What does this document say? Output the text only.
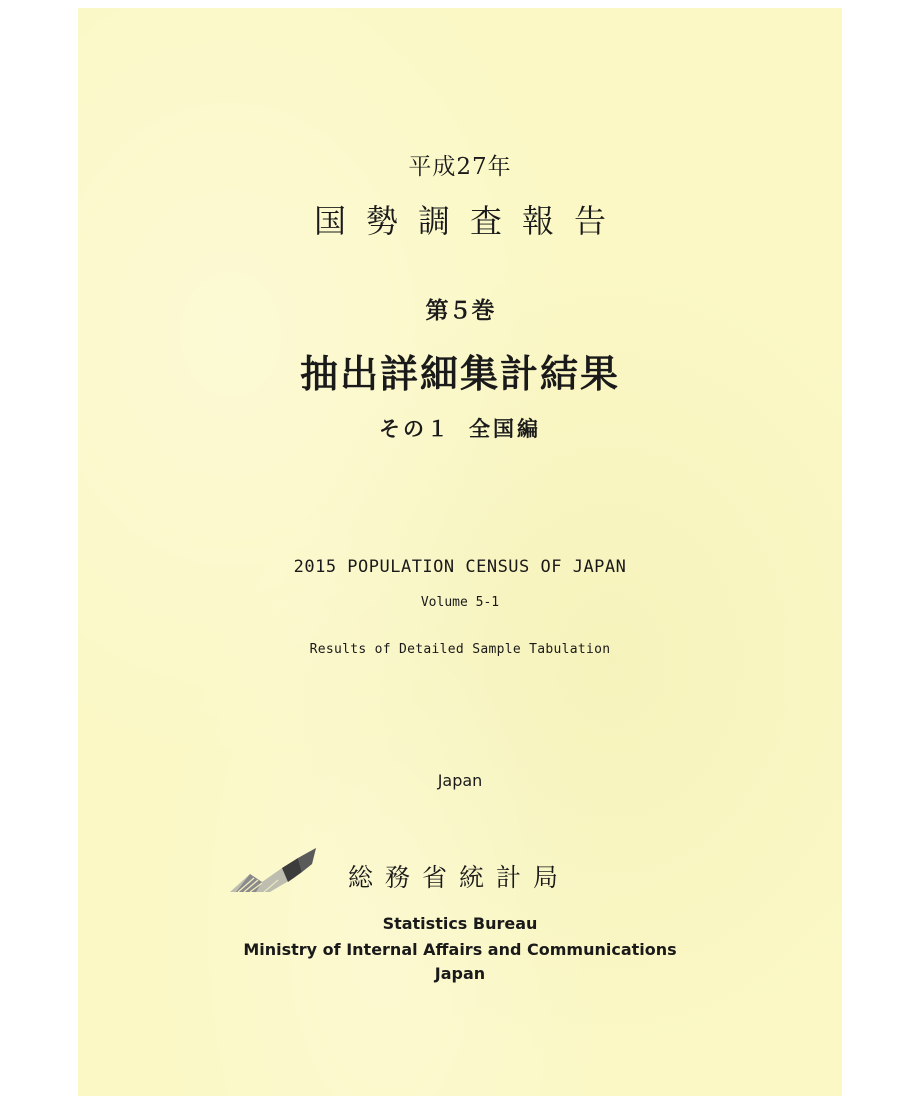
平成27年
国勢調査報告
第５巻
抽出詳細集計結果
その１ 全国編
2015 POPULATION CENSUS OF JAPAN
Volume 5-1
Results of Detailed Sample Tabulation
Japan
総務省統計局
Statistics Bureau
Ministry of Internal Affairs and Communications
Japan
